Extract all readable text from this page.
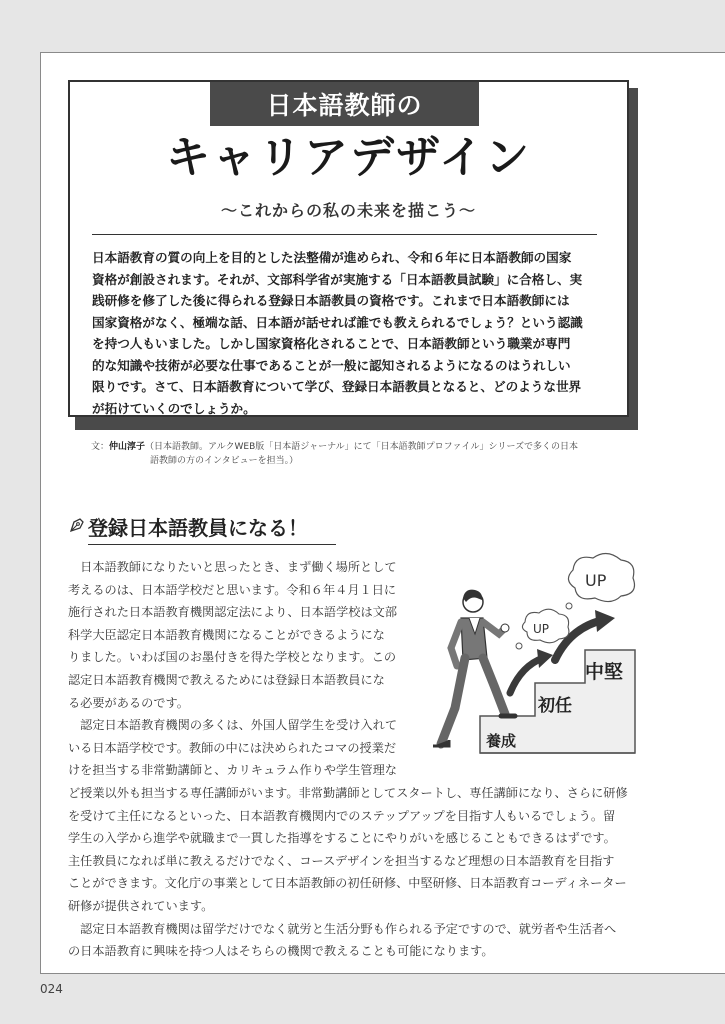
日本語教師の
キャリアデザイン
〜これからの私の未来を描こう〜

日本語教育の質の向上を目的とした法整備が進められ、令和６年に日本語教師の国家
資格が創設されます。それが、文部科学省が実施する「日本語教員試験」に合格し、実
践研修を修了した後に得られる登録日本語教員の資格です。これまで日本語教師には
国家資格がなく、極端な話、日本語が話せれば誰でも教えられるでしょう？という認識
を持つ人もいました。しかし国家資格化されることで、日本語教師という職業が専門
的な知識や技術が必要な仕事であることが一般に認知されるようになるのはうれしい
限りです。さて、日本語教育について学び、登録日本語教員となると、どのような世界
が拓けていくのでしょうか。

文：仲山淳子（日本語教師。アルクWEB版「日本語ジャーナル」にて「日本語教師プロファイル」シリーズで多くの日本
語教師の方のインタビューを担当。）
登録日本語教員になる！
　日本語教師になりたいと思ったとき、まず働く場所として
考えるのは、日本語学校だと思います。令和６年４月１日に
施行された日本語教育機関認定法により、日本語学校は文部
科学大臣認定日本語教育機関になることができるようにな
りました。いわば国のお墨付きを得た学校となります。この
認定日本語教育機関で教えるためには登録日本語教員にな
る必要があるのです。
　認定日本語教育機関の多くは、外国人留学生を受け入れて
いる日本語学校です。教師の中には決められたコマの授業だ
けを担当する非常勤講師と、カリキュラム作りや学生管理な
ど授業以外も担当する専任講師がいます。非常勤講師としてスタートし、専任講師になり、さらに研修
を受けて主任になるといった、日本語教育機関内でのステップアップを目指す人もいるでしょう。留
学生の入学から進学や就職まで一貫した指導をすることにやりがいを感じることもできるはずです。
主任教員になれば単に教えるだけでなく、コースデザインを担当するなど理想の日本語教育を目指す
ことができます。文化庁の事業として日本語教師の初任研修、中堅研修、日本語教育コーディネーター
研修が提供されています。
　認定日本語教育機関は留学だけでなく就労と生活分野も作られる予定ですので、就労者や生活者へ
の日本語教育に興味を持つ人はそちらの機関で教えることも可能になります。
養成
初任
中堅
UP
UP
024
